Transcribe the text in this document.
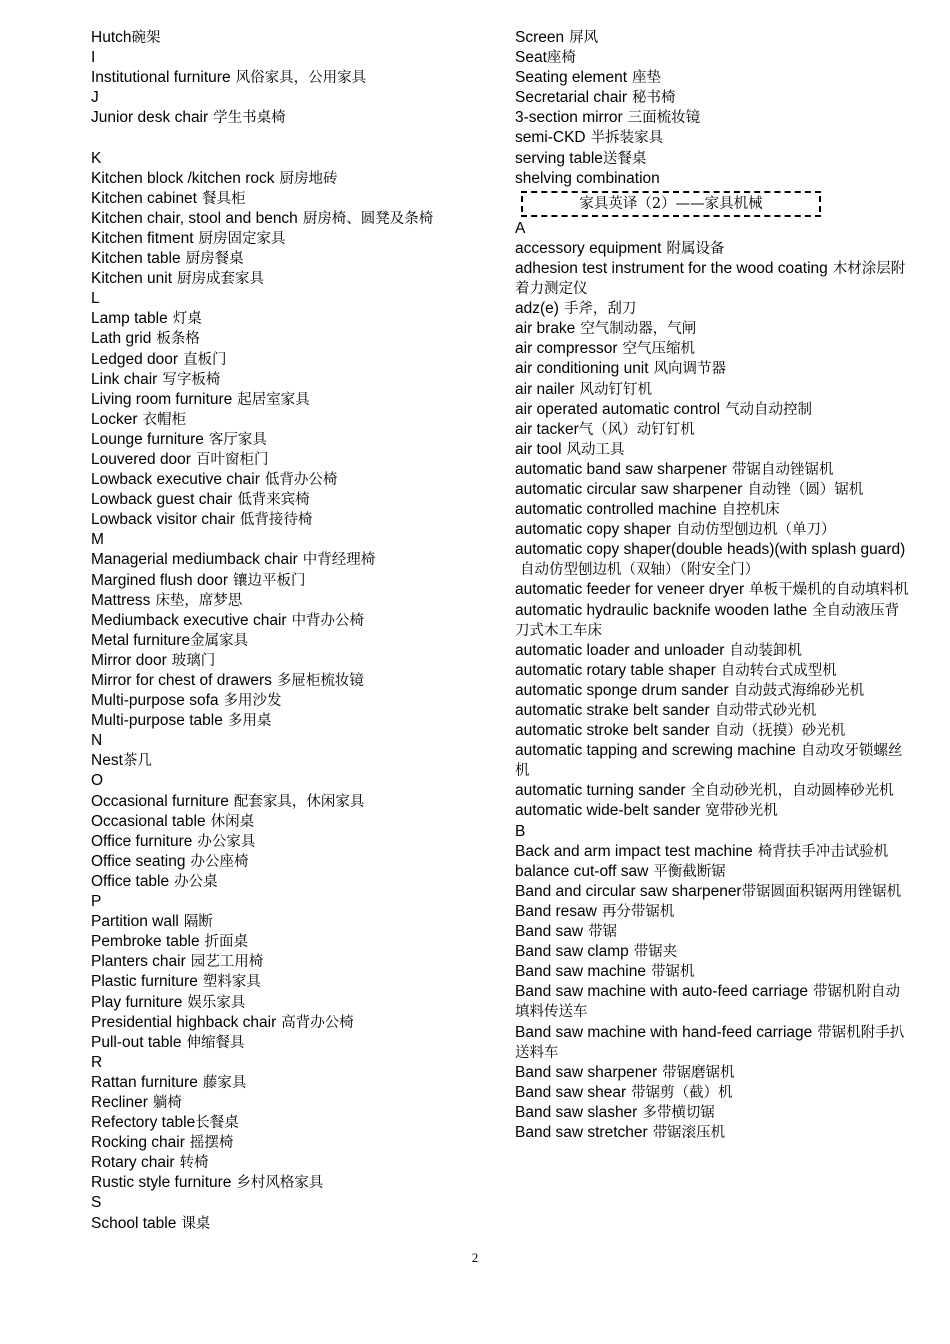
Hutch碗架
I
Institutional furniture 风俗家具，公用家具
J
Junior desk chair 学生书桌椅
K
Kitchen block /kitchen rock 厨房地砖
Kitchen cabinet 餐具柜
Kitchen chair, stool and bench 厨房椅、圆凳及条椅
Kitchen fitment 厨房固定家具
Kitchen table 厨房餐桌
Kitchen unit 厨房成套家具
L
Lamp table 灯桌
Lath grid 板条格
Ledged door 直板门
Link chair 写字板椅
Living room furniture 起居室家具
Locker 衣帽柜
Lounge furniture 客厅家具
Louvered door 百叶窗柜门
Lowback executive chair 低背办公椅
Lowback guest chair 低背来宾椅
Lowback visitor chair 低背接待椅
M
Managerial mediumback chair 中背经理椅
Margined flush door 镶边平板门
Mattress 床垫，席梦思
Mediumback executive chair 中背办公椅
Metal furniture金属家具
Mirror door 玻璃门
Mirror for chest of drawers 多屉柜梳妆镜
Multi-purpose sofa 多用沙发
Multi-purpose table 多用桌
N
Nest茶几
O
Occasional furniture 配套家具，休闲家具
Occasional table 休闲桌
Office furniture 办公家具
Office seating 办公座椅
Office table 办公桌
P
Partition wall 隔断
Pembroke table 折面桌
Planters chair 园艺工用椅
Plastic furniture 塑料家具
Play furniture 娱乐家具
Presidential highback chair 高背办公椅
Pull-out table 伸缩餐具
R
Rattan furniture 藤家具
Recliner 躺椅
Refectory table长餐桌
Rocking chair 摇摆椅
Rotary chair 转椅
Rustic style furniture 乡村风格家具
S
School table 课桌
Screen 屏风
Seat座椅
Seating element 座垫
Secretarial chair 秘书椅
3-section mirror 三面梳妆镜
semi-CKD 半拆装家具
serving table送餐桌
shelving combination
家具英译（2）——家具机械
A
accessory equipment 附属设备
adhesion test instrument for the wood coating 木材涂层附着力测定仪
adz(e) 手斧，刮刀
air brake 空气制动器，气闸
air compressor 空气压缩机
air conditioning unit 风向调节器
air nailer 风动钉钉机
air operated automatic control 气动自动控制
air tacker气（风）动钉钉机
air tool 风动工具
automatic band saw sharpener 带锯自动锉锯机
automatic circular saw sharpener 自动锉（圆）锯机
automatic controlled machine 自控机床
automatic copy shaper 自动仿型刨边机（单刀）
automatic copy shaper(double heads)(with splash guard)自动仿型刨边机（双轴）（附安全门）
automatic feeder for veneer dryer 单板干燥机的自动填料机
automatic hydraulic backnife wooden lathe 全自动液压背刀式木工车床
automatic loader and unloader 自动装卸机
automatic rotary table shaper 自动转台式成型机
automatic sponge drum sander 自动鼓式海绵砂光机
automatic strake belt sander 自动带式砂光机
automatic stroke belt sander 自动（抚摸）砂光机
automatic tapping and screwing machine 自动攻牙锁螺丝机
automatic turning sander 全自动砂光机，自动圆棒砂光机
automatic wide-belt sander 宽带砂光机
B
Back and arm impact test machine 椅背扶手冲击试验机
balance cut-off saw 平衡截断锯
Band and circular saw sharpener带锯圆面积锯两用锉锯机
Band resaw 再分带锯机
Band saw 带锯
Band saw clamp 带锯夹
Band saw machine 带锯机
Band saw machine with auto-feed carriage 带锯机附自动填料传送车
Band saw machine with hand-feed carriage 带锯机附手扒送料车
Band saw sharpener 带锯磨锯机
Band saw shear 带锯剪（截）机
Band saw slasher 多带横切锯
Band saw stretcher 带锯滚压机
2
